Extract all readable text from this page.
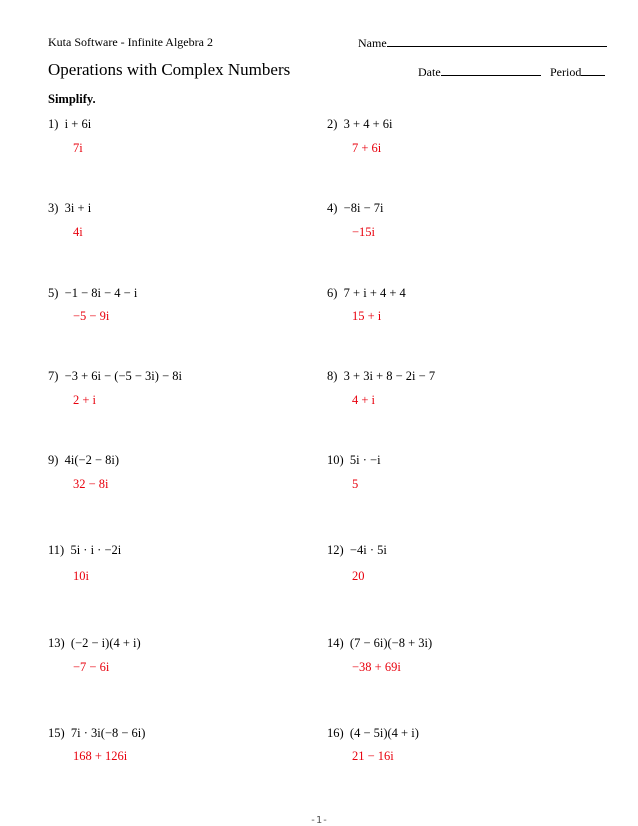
Kuta Software - Infinite Algebra 2	Name
Operations with Complex Numbers	Date	Period
Simplify.
1) i + 6i
7i
3) 3i + i
4i
5) −1 − 8i − 4 − i
−5 − 9i
7) −3 + 6i − (−5 − 3i) − 8i
2 + i
9) 4i(−2 − 8i)
32 − 8i
11) 5i · i · −2i
10i
13) (−2 − i)(4 + i)
−7 − 6i
15) 7i · 3i(−8 − 6i)
168 + 126i
2) 3 + 4 + 6i
7 + 6i
4) −8i − 7i
−15i
6) 7 + i + 4 + 4
15 + i
8) 3 + 3i + 8 − 2i − 7
4 + i
10) 5i · −i
5
12) −4i · 5i
20
14) (7 − 6i)(−8 + 3i)
−38 + 69i
16) (4 − 5i)(4 + i)
21 − 16i
-1-
